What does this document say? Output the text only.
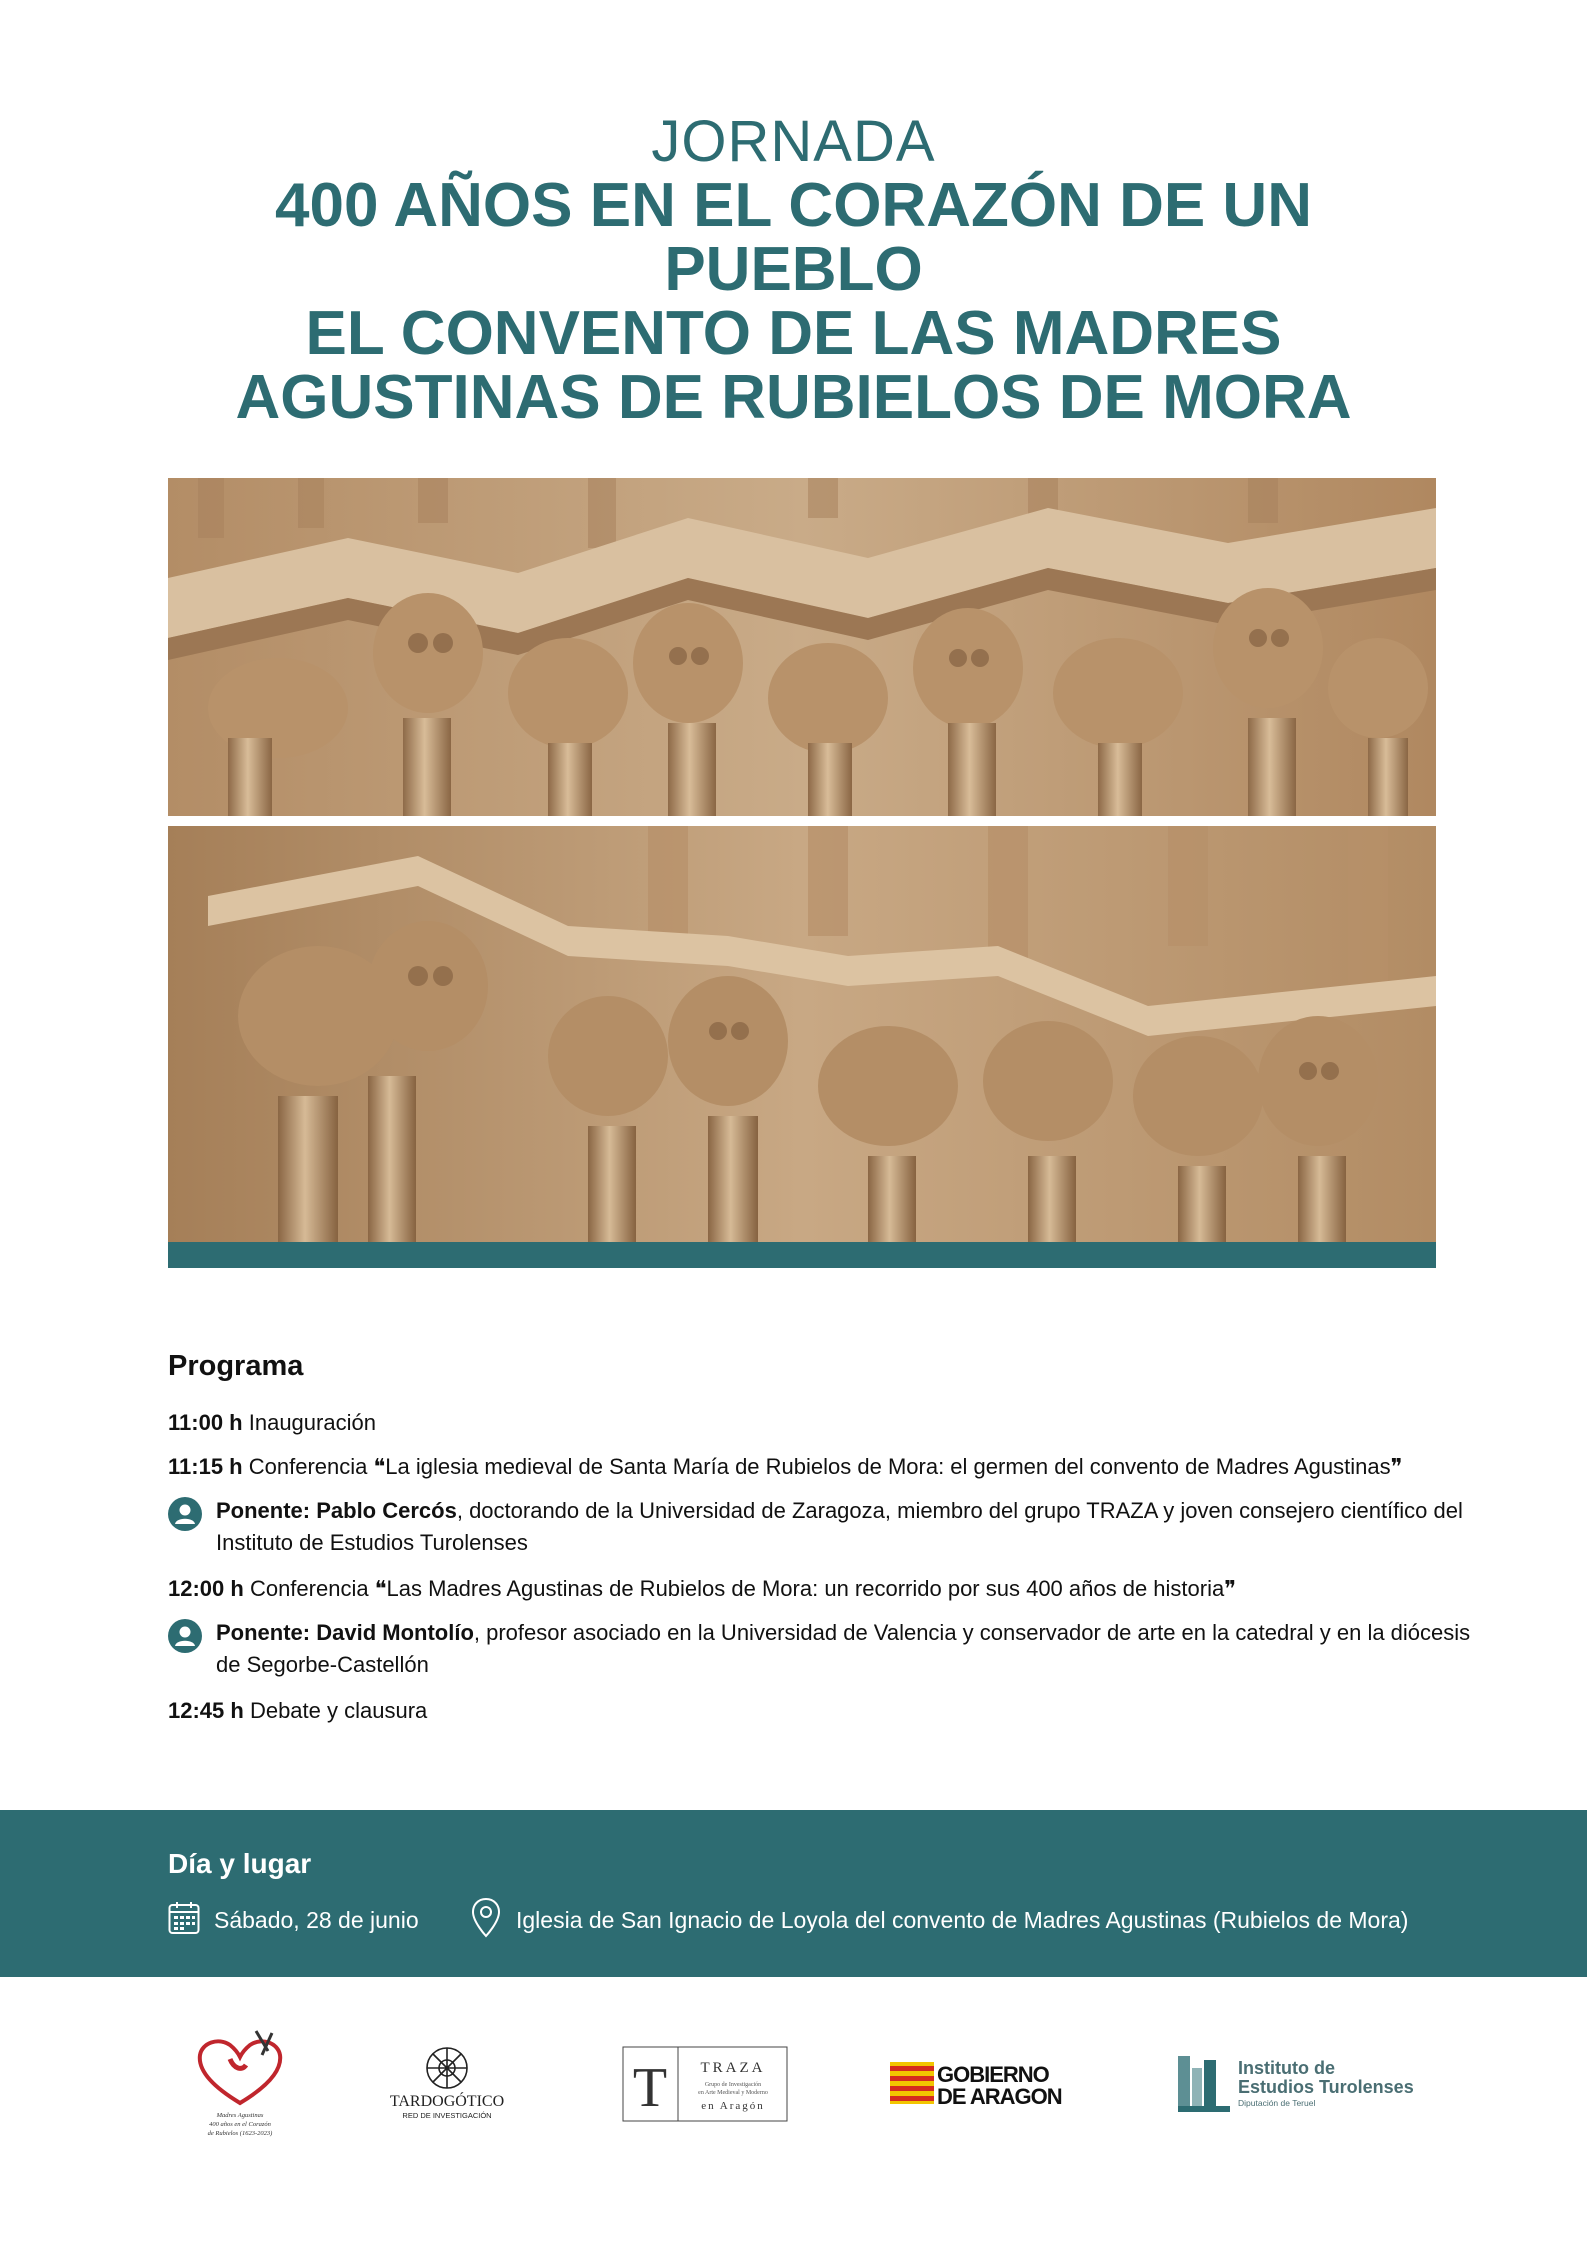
JORNADA
400 AÑOS EN EL CORAZÓN DE UN
PUEBLO
EL CONVENTO DE LAS MADRES
AGUSTINAS DE RUBIELOS DE MORA
Programa
11:00 h Inauguración
11:15 h Conferencia ❝La iglesia medieval de Santa María de Rubielos de Mora: el germen del convento de Madres Agustinas❞
Ponente: Pablo Cercós, doctorando de la Universidad de Zaragoza, miembro del grupo TRAZA y joven consejero científico del Instituto de Estudios Turolenses
12:00 h Conferencia ❝Las Madres Agustinas de Rubielos de Mora: un recorrido por sus 400 años de historia❞
Ponente: David Montolío, profesor asociado en la Universidad de Valencia y conservador de arte en la catedral y en la diócesis de Segorbe-Castellón
12:45 h Debate y clausura
Día y lugar
Sábado, 28 de junio	Iglesia de San Ignacio de Loyola del convento de Madres Agustinas (Rubielos de Mora)
Madres Agustinas
400 años en el Corazón
de Rubielos (1623-2023)
TARDOGÓTICO
RED DE INVESTIGACIÓN	T TRAZA
Grupo de Investigación
en Arte Medieval y Moderno
en Aragón
GOBIERNO
DE ARAGON
Instituto de
Estudios Turolenses
Diputación de Teruel
